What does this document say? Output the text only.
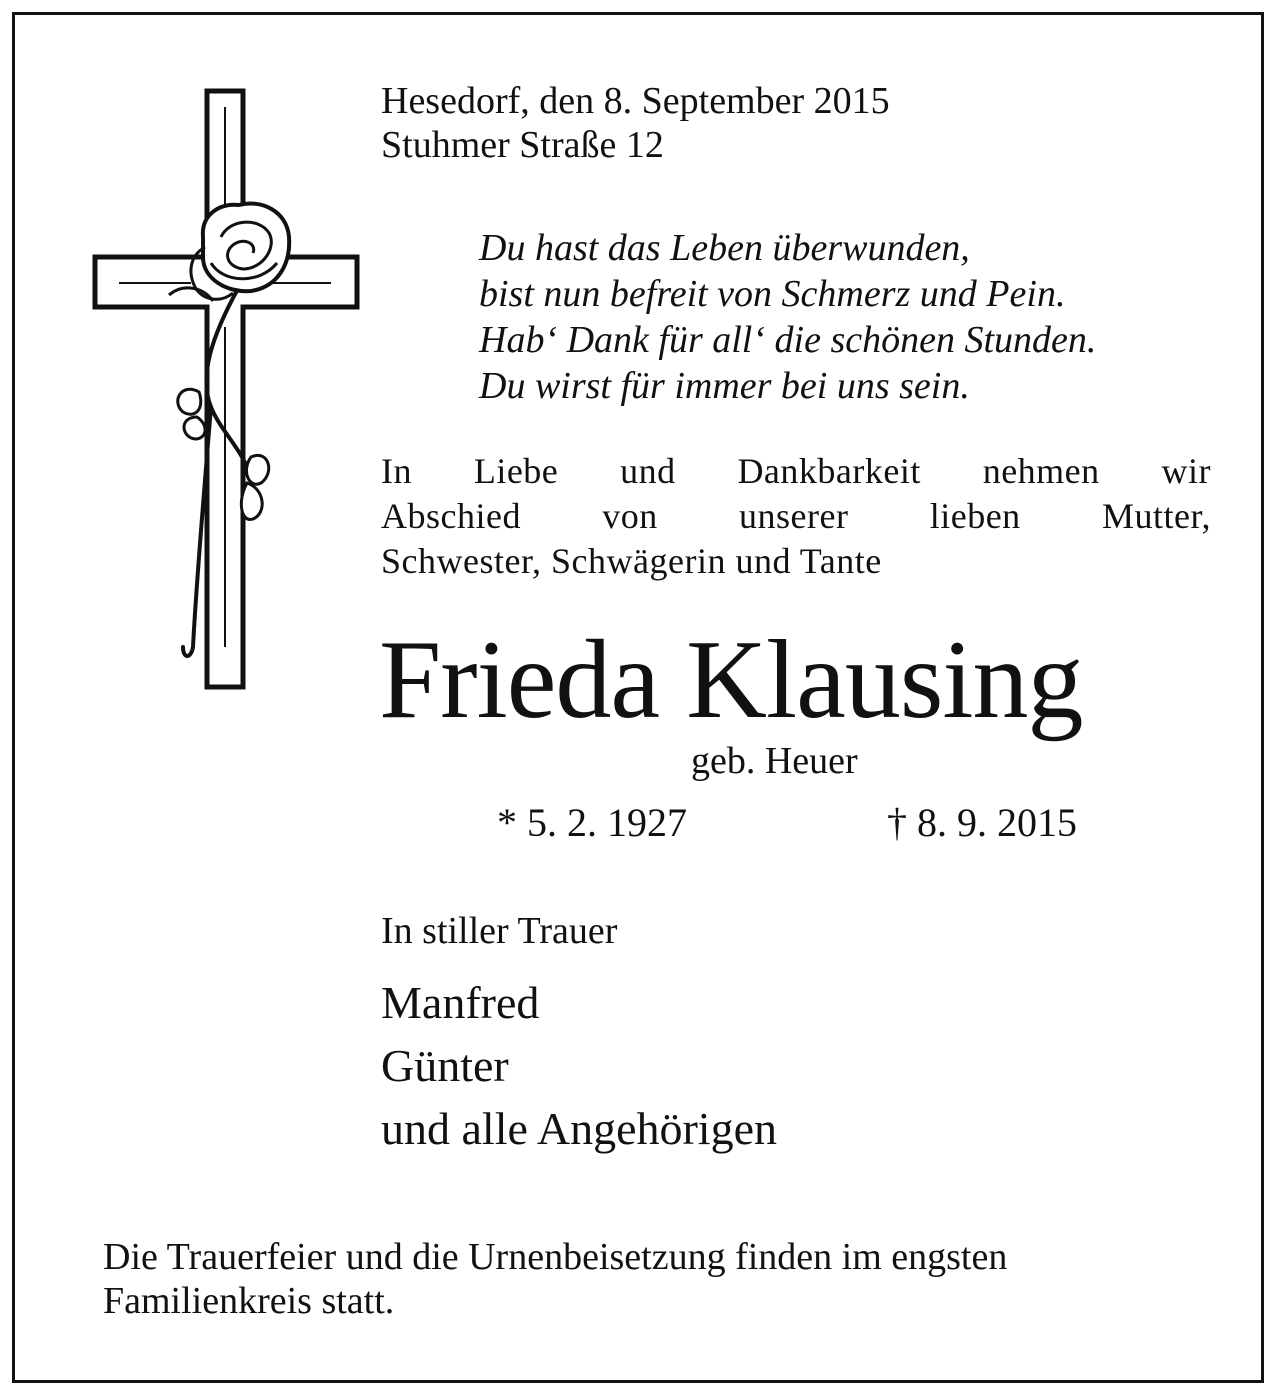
Hesedorf, den 8. September 2015
Stuhmer Straße 12
Du hast das Leben überwunden,
bist nun befreit von Schmerz und Pein.
Hab‘ Dank für all‘ die schönen Stunden.
Du wirst für immer bei uns sein.
In Liebe und Dankbarkeit nehmen wir
Abschied von unserer lieben Mutter,
Schwester, Schwägerin und Tante
Frieda Klausing
geb. Heuer
* 5. 2. 1927	† 8. 9. 2015
In stiller Trauer
Manfred
Günter
und alle Angehörigen
Die Trauerfeier und die Urnenbeisetzung finden im engsten
Familienkreis statt.
